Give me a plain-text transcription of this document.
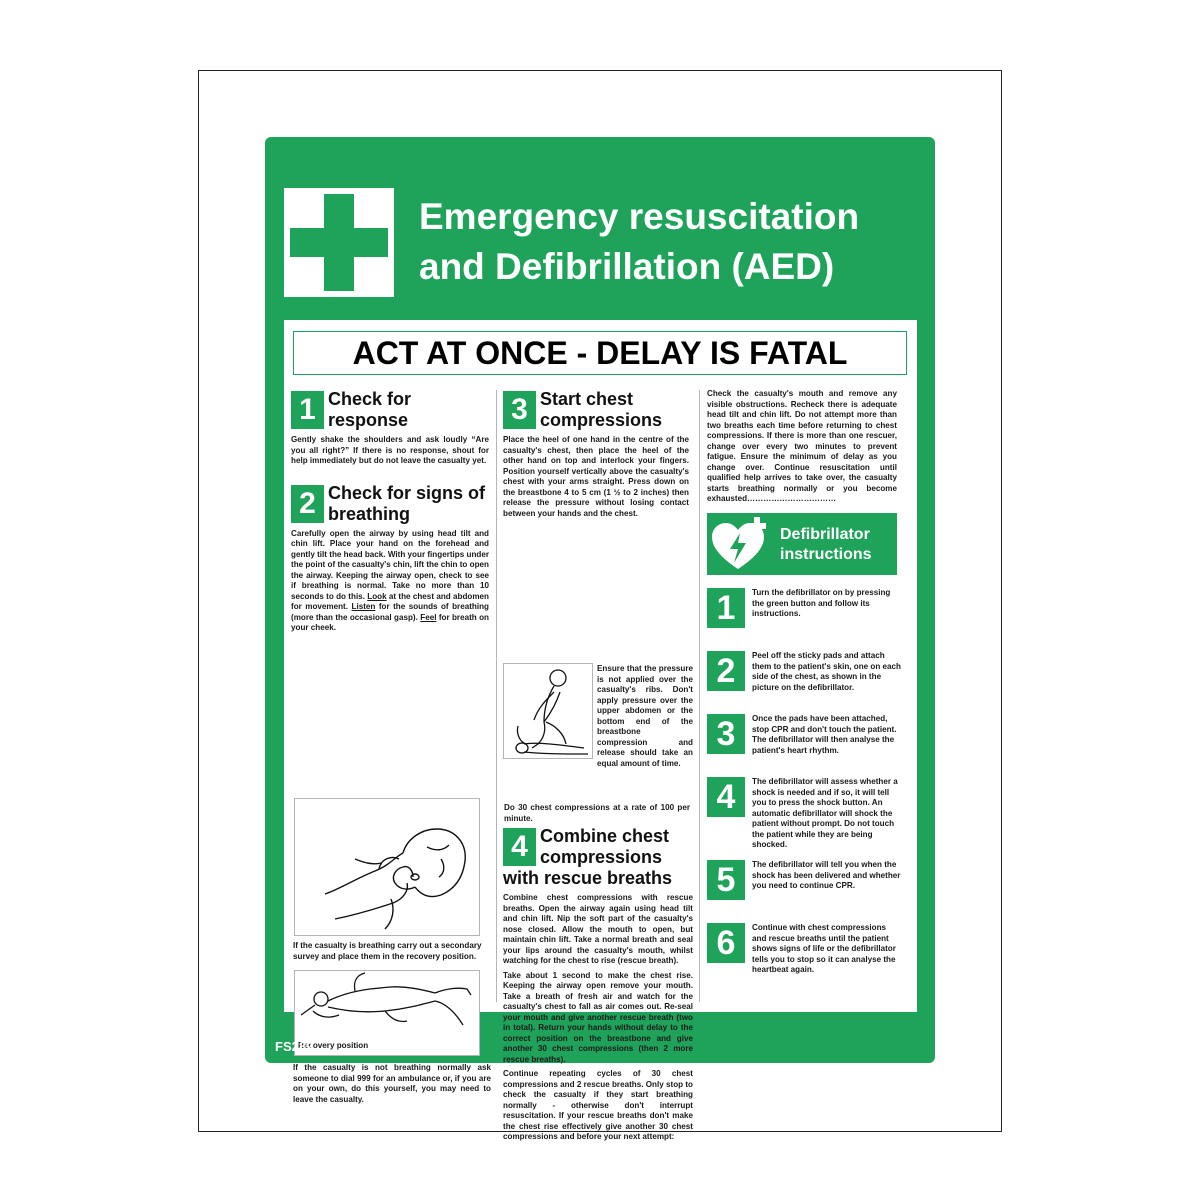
Emergency resuscitation
and Defibrillation (AED)
ACT AT ONCE - DELAY IS FATAL
1 Check for response

Gently shake the shoulders and ask loudly “Are you all right?” If there is no response, shout for help immediately but do not leave the casualty yet.

2 Check for signs of breathing

Carefully open the airway by using head tilt and chin lift. Place your hand on the forehead and gently tilt the head back. With your fingertips under the point of the casualty's chin, lift the chin to open the airway. Keeping the airway open, check to see if breathing is normal. Take no more than 10 seconds to do this. Look at the chest and abdomen for movement. Listen for the sounds of breathing (more than the occasional gasp). Feel for breath on your cheek.

If the casualty is breathing carry out a secondary survey and place them in the recovery position.

Recovery position

If the casualty is not breathing normally ask someone to dial 999 for an ambulance or, if you are on your own, do this yourself, you may need to leave the casualty.

3 Start chest compressions

Place the heel of one hand in the centre of the casualty's chest, then place the heel of the other hand on top and interlock your fingers. Position yourself vertically above the casualty's chest with your arms straight. Press down on the breastbone 4 to 5 cm (1 ½ to 2 inches) then release the pressure without losing contact between your hands and the chest.

Ensure that the pressure is not applied over the casualty's ribs. Don't apply pressure over the upper abdomen or the bottom end of the breastbone compression and release should take an equal amount of time.

Do 30 chest compressions at a rate of 100 per minute.

4 Combine chest compressions
with rescue breaths

Combine chest compressions with rescue breaths. Open the airway again using head tilt and chin lift. Nip the soft part of the casualty's nose closed. Allow the mouth to open, but maintain chin lift. Take a normal breath and seal your lips around the casualty's mouth, whilst watching for the chest to rise (rescue breath).

Take about 1 second to make the chest rise. Keeping the airway open remove your mouth. Take a breath of fresh air and watch for the casualty's chest to fall as air comes out. Re-seal your mouth and give another rescue breath (two in total). Return your hands without delay to the correct position on the breastbone and give another 30 chest compressions (then 2 more rescue breaths).

Continue repeating cycles of 30 chest compressions and 2 rescue breaths. Only stop to check the casualty if they start breathing normally - otherwise don't interrupt resuscitation. If your rescue breaths don't make the chest rise effectively give another 30 chest compressions and before your next attempt:

Check the casualty's mouth and remove any visible obstructions. Recheck there is adequate head tilt and chin lift. Do not attempt more than two breaths each time before returning to chest compressions. If there is more than one rescuer, change over every two minutes to prevent fatigue. Ensure the minimum of delay as you change over. Continue resuscitation until qualified help arrives to take over, the casualty starts breathing normally or you become exhausted……………………………

Defibrillator
instructions
1	Turn the defibrillator on by pressing the green button and follow its instructions.
2	Peel off the sticky pads and attach them to the patient's skin, one on each side of the chest, as shown in the picture on the defibrillator.
3	Once the pads have been attached, stop CPR and don't touch the patient. The defibrillator will then analyse the patient's heart rhythm.
4	The defibrillator will assess whether a shock is needed and if so, it will tell you to press the shock button. An automatic defibrillator will shock the patient without prompt. Do not touch the patient while they are being shocked.
5	The defibrillator will tell you when the shock has been delivered and whether you need to continue CPR.
6	Continue with chest compressions and rescue breaths until the patient shows signs of life or the defibrillator tells you to stop so it can analyse the heartbeat again.
FS289
